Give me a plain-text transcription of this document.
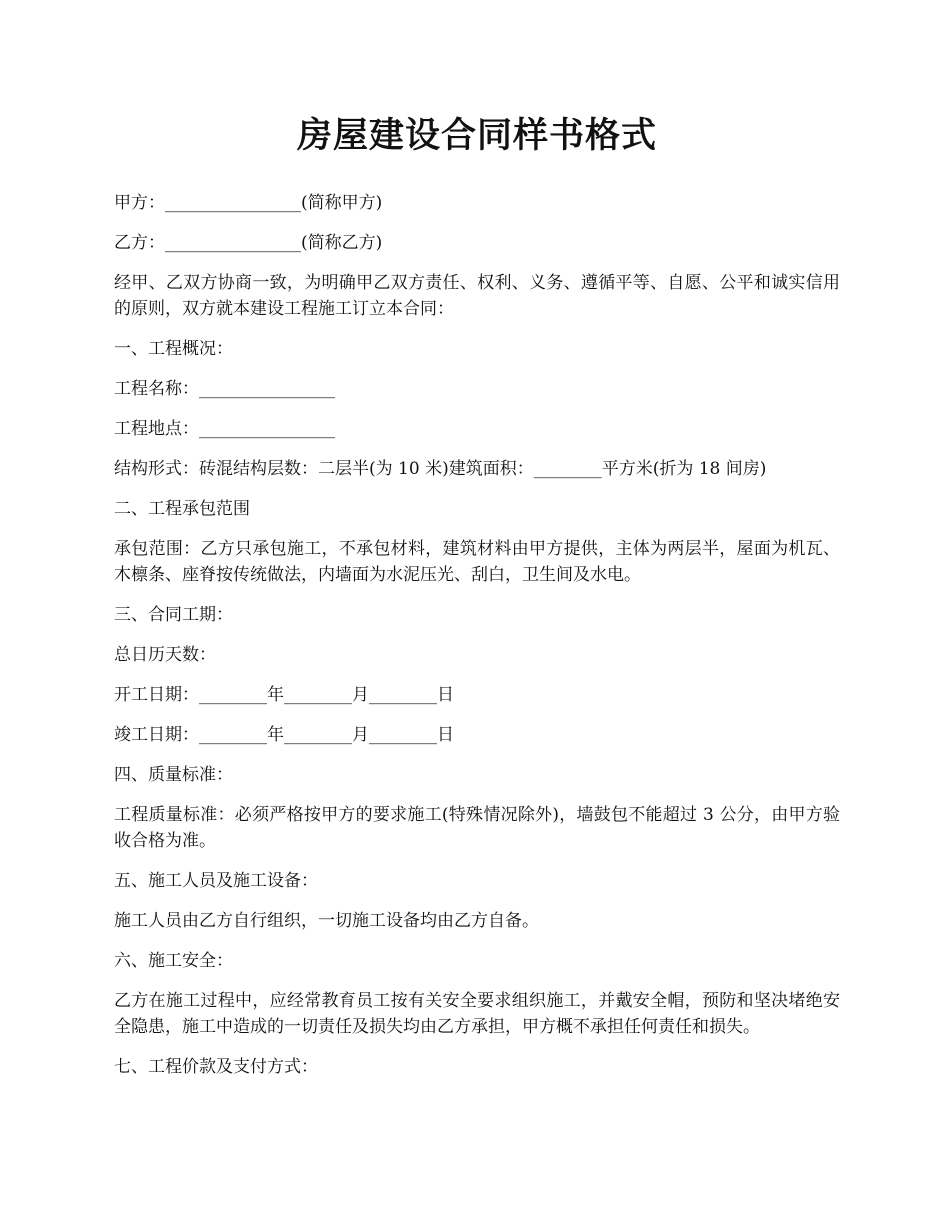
房屋建设合同样书格式

甲方：________________(简称甲方)

乙方：________________(简称乙方)

经甲、乙双方协商一致，为明确甲乙双方责任、权利、义务、遵循平等、自愿、公平和诚实信用的原则，双方就本建设工程施工订立本合同：

一、工程概况：

工程名称：________________

工程地点：________________

结构形式：砖混结构层数：二层半(为 10 米)建筑面积：________平方米(折为 18 间房)

二、工程承包范围

承包范围：乙方只承包施工，不承包材料，建筑材料由甲方提供，主体为两层半，屋面为机瓦、木檩条、座脊按传统做法，内墙面为水泥压光、刮白，卫生间及水电。

三、合同工期：

总日历天数：

开工日期：________年________月________日

竣工日期：________年________月________日

四、质量标准：

工程质量标准：必须严格按甲方的要求施工(特殊情况除外)，墙鼓包不能超过 3 公分，由甲方验收合格为准。

五、施工人员及施工设备：

施工人员由乙方自行组织，一切施工设备均由乙方自备。

六、施工安全：

乙方在施工过程中，应经常教育员工按有关安全要求组织施工，并戴安全帽，预防和坚决堵绝安全隐患，施工中造成的一切责任及损失均由乙方承担，甲方概不承担任何责任和损失。

七、工程价款及支付方式：
